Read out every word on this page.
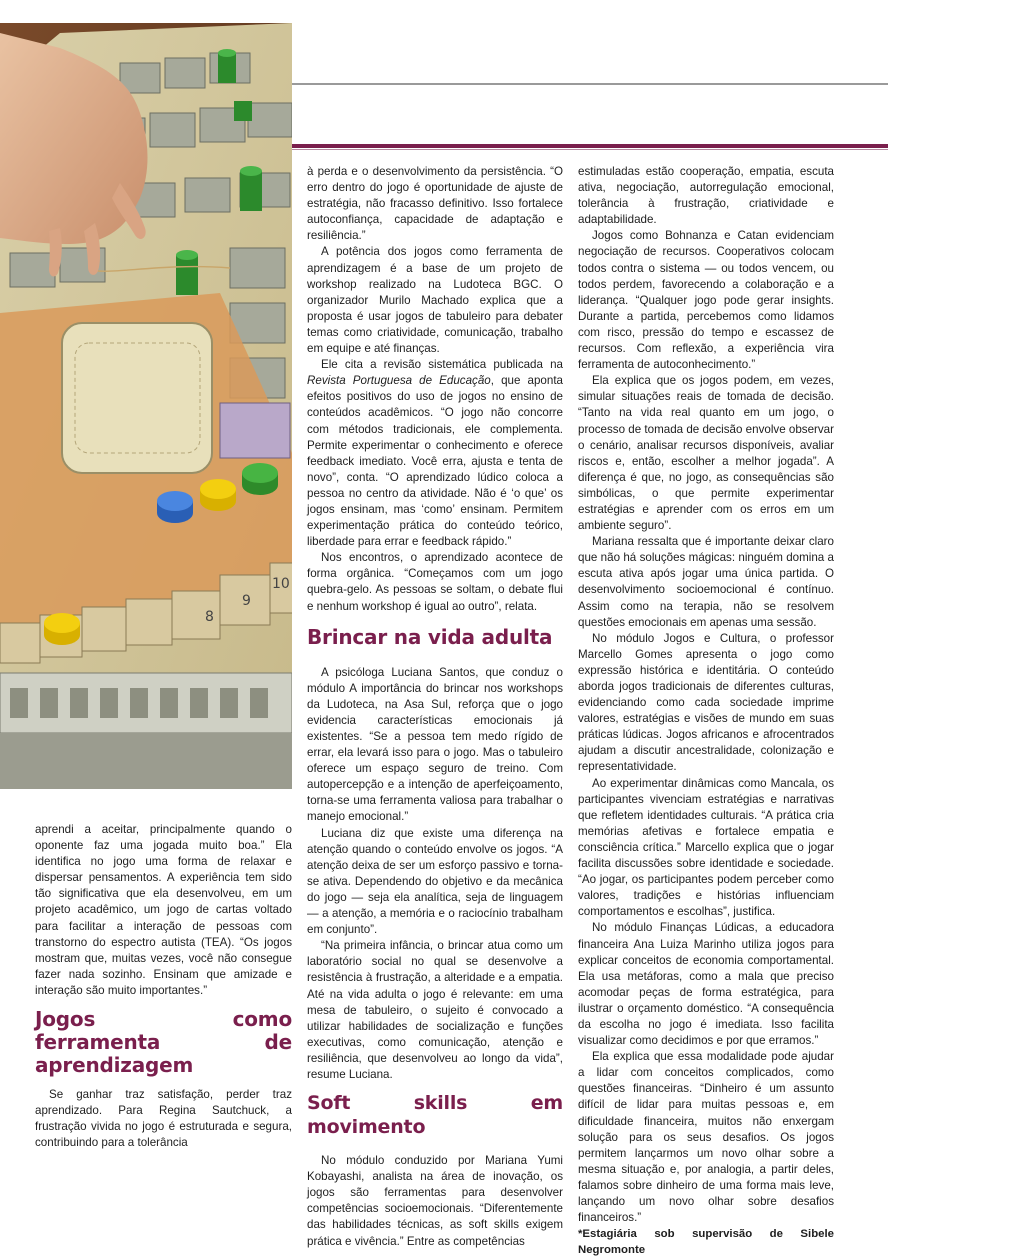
8
9
10

aprendi a aceitar, principalmente quando o oponente faz uma jogada muito boa.” Ela identifica no jogo uma forma de relaxar e dispersar pensamentos. A experiência tem sido tão significativa que ela desenvolveu, em um projeto acadêmico, um jogo de cartas voltado para facilitar a interação de pessoas com transtorno do espectro autista (TEA). “Os jogos mostram que, muitas vezes, você não consegue fazer nada sozinho. Ensinam que amizade e interação são muito importantes.”

Jogos como ferramenta de aprendizagem

Se ganhar traz satisfação, perder traz aprendizado. Para Regina Sautchuck, a frustração vivida no jogo é estruturada e segura, contribuindo para a tolerância

à perda e o desenvolvimento da persistência. “O erro dentro do jogo é oportunidade de ajuste de estratégia, não fracasso definitivo. Isso fortalece autoconfiança, capacidade de adaptação e resiliência.”

A potência dos jogos como ferramenta de aprendizagem é a base de um projeto de workshop realizado na Ludoteca BGC. O organizador Murilo Machado explica que a proposta é usar jogos de tabuleiro para debater temas como criatividade, comunicação, trabalho em equipe e até finanças.

Ele cita a revisão sistemática publicada na Revista Portuguesa de Educação, que aponta efeitos positivos do uso de jogos no ensino de conteúdos acadêmicos. “O jogo não concorre com métodos tradicionais, ele complementa. Permite experimentar o conhecimento e oferece feedback imediato. Você erra, ajusta e tenta de novo”, conta. “O aprendizado lúdico coloca a pessoa no centro da atividade. Não é ‘o que’ os jogos ensinam, mas ‘como’ ensinam. Permitem experimentação prática do conteúdo teórico, liberdade para errar e feedback rápido.”

Nos encontros, o aprendizado acontece de forma orgânica. “Começamos com um jogo quebra-gelo. As pessoas se soltam, o debate flui e nenhum workshop é igual ao outro”, relata.

Brincar na vida adulta

A psicóloga Luciana Santos, que conduz o módulo A importância do brincar nos workshops da Ludoteca, na Asa Sul, reforça que o jogo evidencia características emocionais já existentes. “Se a pessoa tem medo rígido de errar, ela levará isso para o jogo. Mas o tabuleiro oferece um espaço seguro de treino. Com autopercepção e a intenção de aperfeiçoamento, torna-se uma ferramenta valiosa para trabalhar o manejo emocional.”

Luciana diz que existe uma diferença na atenção quando o conteúdo envolve os jogos. “A atenção deixa de ser um esforço passivo e torna-se ativa. Dependendo do objetivo e da mecânica do jogo — seja ela analítica, seja de linguagem — a atenção, a memória e o raciocínio trabalham em conjunto”.

“Na primeira infância, o brincar atua como um laboratório social no qual se desenvolve a resistência à frustração, a alteridade e a empatia. Até na vida adulta o jogo é relevante: em uma mesa de tabuleiro, o sujeito é convocado a utilizar habilidades de socialização e funções executivas, como comunicação, atenção e resiliência, que desenvolveu ao longo da vida”, resume Luciana.

Soft skills em movimento

No módulo conduzido por Mariana Yumi Kobayashi, analista na área de inovação, os jogos são ferramentas para desenvolver competências socioemocionais. “Diferentemente das habilidades técnicas, as soft skills exigem prática e vivência.” Entre as competências

estimuladas estão cooperação, empatia, escuta ativa, negociação, autorregulação emocional, tolerância à frustração, criatividade e adaptabilidade.

Jogos como Bohnanza e Catan evidenciam negociação de recursos. Cooperativos colocam todos contra o sistema — ou todos vencem, ou todos perdem, favorecendo a colaboração e a liderança. “Qualquer jogo pode gerar insights. Durante a partida, percebemos como lidamos com risco, pressão do tempo e escassez de recursos. Com reflexão, a experiência vira ferramenta de autoconhecimento.”

Ela explica que os jogos podem, em vezes, simular situações reais de tomada de decisão. “Tanto na vida real quanto em um jogo, o processo de tomada de decisão envolve observar o cenário, analisar recursos disponíveis, avaliar riscos e, então, escolher a melhor jogada”. A diferença é que, no jogo, as consequências são simbólicas, o que permite experimentar estratégias e aprender com os erros em um ambiente seguro”.

Mariana ressalta que é importante deixar claro que não há soluções mágicas: ninguém domina a escuta ativa após jogar uma única partida. O desenvolvimento socioemocional é contínuo. Assim como na terapia, não se resolvem questões emocionais em apenas uma sessão.

No módulo Jogos e Cultura, o professor Marcello Gomes apresenta o jogo como expressão histórica e identitária. O conteúdo aborda jogos tradicionais de diferentes culturas, evidenciando como cada sociedade imprime valores, estratégias e visões de mundo em suas práticas lúdicas. Jogos africanos e afrocentrados ajudam a discutir ancestralidade, colonização e representatividade.

Ao experimentar dinâmicas como Mancala, os participantes vivenciam estratégias e narrativas que refletem identidades culturais. “A prática cria memórias afetivas e fortalece empatia e consciência crítica.” Marcello explica que o jogar facilita discussões sobre identidade e sociedade. “Ao jogar, os participantes podem perceber como valores, tradições e histórias influenciam comportamentos e escolhas”, justifica.

No módulo Finanças Lúdicas, a educadora financeira Ana Luiza Marinho utiliza jogos para explicar conceitos de economia comportamental. Ela usa metáforas, como a mala que preciso acomodar peças de forma estratégica, para ilustrar o orçamento doméstico. “A consequência da escolha no jogo é imediata. Isso facilita visualizar como decidimos e por que erramos.”

Ela explica que essa modalidade pode ajudar a lidar com conceitos complicados, como questões financeiras. “Dinheiro é um assunto difícil de lidar para muitas pessoas e, em dificuldade financeira, muitos não enxergam solução para os seus desafios. Os jogos permitem lançarmos um novo olhar sobre a mesma situação e, por analogia, a partir deles, falamos sobre dinheiro de uma forma mais leve, lançando um novo olhar sobre desafios financeiros.”

*Estagiária sob supervisão de Sibele Negromonte
